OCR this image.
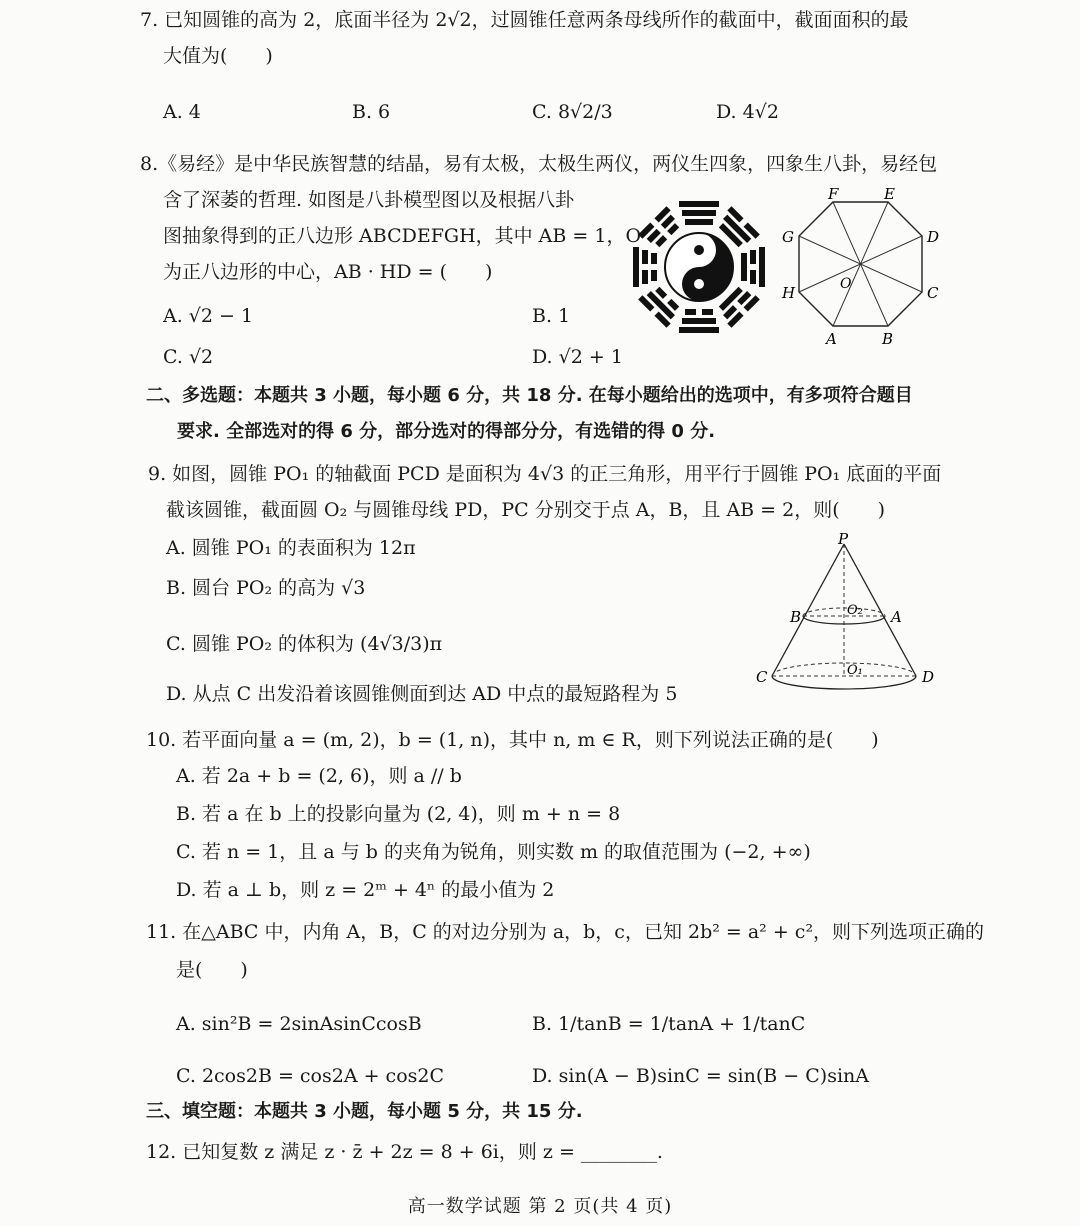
7. 已知圆锥的高为 2，底面半径为 2√2，过圆锥任意两条母线所作的截面中，截面面积的最
大值为(　　)
A. 4	B. 6	C. 8√2/3	D. 4√2
8.《易经》是中华民族智慧的结晶，易有太极，太极生两仪，两仪生四象，四象生八卦，易经包
含了深萎的哲理. 如图是八卦模型图以及根据八卦
图抽象得到的正八边形 ABCDEFGH，其中 AB = 1，O
为正八边形的中心，AB · HD = (　　)
A. √2 − 1	B. 1
C. √2	D. √2 + 1
F	E
G	D
H	C
A	B
O
二、多选题：本题共 3 小题，每小题 6 分，共 18 分. 在每小题给出的选项中，有多项符合题目
要求. 全部选对的得 6 分，部分选对的得部分分，有选错的得 0 分.
9. 如图，圆锥 PO₁ 的轴截面 PCD 是面积为 4√3 的正三角形，用平行于圆锥 PO₁ 底面的平面
截该圆锥，截面圆 O₂ 与圆锥母线 PD，PC 分别交于点 A，B，且 AB = 2，则(　　)
A. 圆锥 PO₁ 的表面积为 12π
B. 圆台 PO₂ 的高为 √3
C. 圆锥 PO₂ 的体积为 (4√3/3)π
D. 从点 C 出发沿着该圆锥侧面到达 AD 中点的最短路程为 5
P
B	O₂ A
C	O₁	D
10. 若平面向量 a = (m, 2)，b = (1, n)，其中 n, m ∈ R，则下列说法正确的是(　　)
A. 若 2a + b = (2, 6)，则 a // b
B. 若 a 在 b 上的投影向量为 (2, 4)，则 m + n = 8
C. 若 n = 1，且 a 与 b 的夹角为锐角，则实数 m 的取值范围为 (−2, +∞)
D. 若 a ⊥ b，则 z = 2ᵐ + 4ⁿ 的最小值为 2
11. 在△ABC 中，内角 A，B，C 的对边分别为 a，b，c，已知 2b² = a² + c²，则下列选项正确的
是(　　)
A. sin²B = 2sinAsinCcosB	B. 1/tanB = 1/tanA + 1/tanC
C. 2cos2B = cos2A + cos2C	D. sin(A − B)sinC = sin(B − C)sinA
三、填空题：本题共 3 小题，每小题 5 分，共 15 分.
12. 已知复数 z 满足 z · z̄ + 2z = 8 + 6i，则 z = ________.
高一数学试题 第 2 页(共 4 页)
